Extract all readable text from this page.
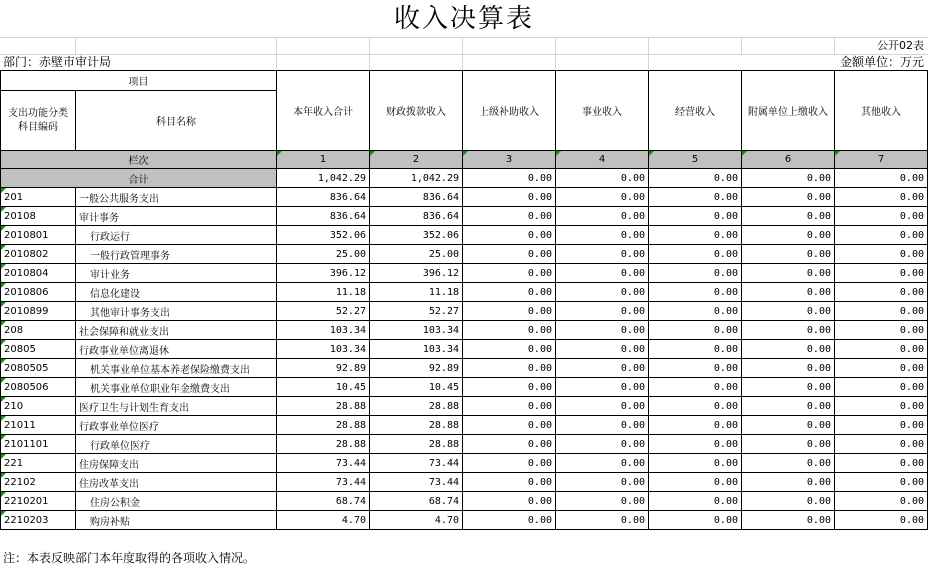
收入决算表
公开02表
部门：赤壁市审计局	金额单位：万元
项目		本年收入合计	财政拨款收入	上级补助收入	事业收入	经营收入	附属单位上缴收入	其他收入
支出功能分类科目编码	科目名称							
栏次		1	2	3	4	5	6	7
合计		1,042.29	1,042.29	0.00	0.00	0.00	0.00	0.00
201	一般公共服务支出	836.64	836.64	0.00	0.00	0.00	0.00	0.00
20108	审计事务	836.64	836.64	0.00	0.00	0.00	0.00	0.00
2010801	行政运行	352.06	352.06	0.00	0.00	0.00	0.00	0.00
2010802	一般行政管理事务	25.00	25.00	0.00	0.00	0.00	0.00	0.00
2010804	审计业务	396.12	396.12	0.00	0.00	0.00	0.00	0.00
2010806	信息化建设	11.18	11.18	0.00	0.00	0.00	0.00	0.00
2010899	其他审计事务支出	52.27	52.27	0.00	0.00	0.00	0.00	0.00
208	社会保障和就业支出	103.34	103.34	0.00	0.00	0.00	0.00	0.00
20805	行政事业单位离退休	103.34	103.34	0.00	0.00	0.00	0.00	0.00
2080505	机关事业单位基本养老保险缴费支出	92.89	92.89	0.00	0.00	0.00	0.00	0.00
2080506	机关事业单位职业年金缴费支出	10.45	10.45	0.00	0.00	0.00	0.00	0.00
210	医疗卫生与计划生育支出	28.88	28.88	0.00	0.00	0.00	0.00	0.00
21011	行政事业单位医疗	28.88	28.88	0.00	0.00	0.00	0.00	0.00
2101101	行政单位医疗	28.88	28.88	0.00	0.00	0.00	0.00	0.00
221	住房保障支出	73.44	73.44	0.00	0.00	0.00	0.00	0.00
22102	住房改革支出	73.44	73.44	0.00	0.00	0.00	0.00	0.00
2210201	住房公积金	68.74	68.74	0.00	0.00	0.00	0.00	0.00
2210203	购房补贴	4.70	4.70	0.00	0.00	0.00	0.00	0.00
注：本表反映部门本年度取得的各项收入情况。
